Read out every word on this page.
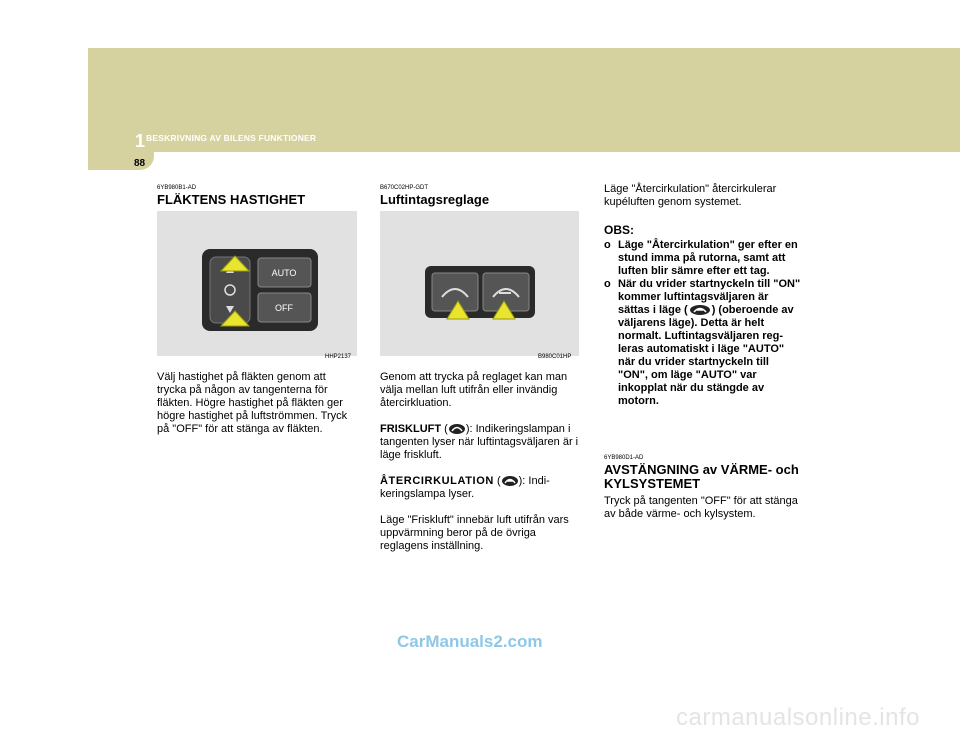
1 BESKRIVNING AV BILENS FUNKTIONER
88
6YB980B1-AD
FLÄKTENS HASTIGHET
AUTO
OFF
HHP2137
Välj hastighet på fläkten genom att trycka på någon av tangenterna för fläkten. Högre hastighet på fläkten ger högre hastighet på luftströmmen. Tryck på "OFF" för att stänga av fläkten.
B670C02HP-GDT
Luftintagsreglage
B980C01HP
Genom att trycka på reglaget kan man välja mellan luft utifrån eller invändig återcirkluation.
FRISKLUFT ( ): Indikeringslampan i tangenten lyser när luftintagsväljaren är i läge friskluft.
ÅTERCIRKULATION ( ): Indi-keringslampa lyser.
Läge "Friskluft" innebär luft utifrån vars uppvärmning beror på de övriga reglagens inställning.
Läge "Återcirkulation" återcirkulerar kupéluften genom systemet.
OBS:
o Läge "Återcirkulation" ger efter en stund imma på rutorna, samt att luften blir sämre efter ett tag.
o När du vrider startnyckeln till "ON" kommer luftintagsväljaren är sättas i läge ( ) (oberoende av väljarens läge). Detta är helt normalt. Luftintagsväljaren reg-leras automatiskt i läge "AUTO" när du vrider startnyckeln till "ON", om läge "AUTO" var inkopplat när du stängde av motorn.
6YB980D1-AD
AVSTÄNGNING av VÄRME- och KYLSYSTEMET
Tryck på tangenten "OFF" för att stänga av både värme- och kylsystem.
CarManuals2.com
carmanualsonline.info
